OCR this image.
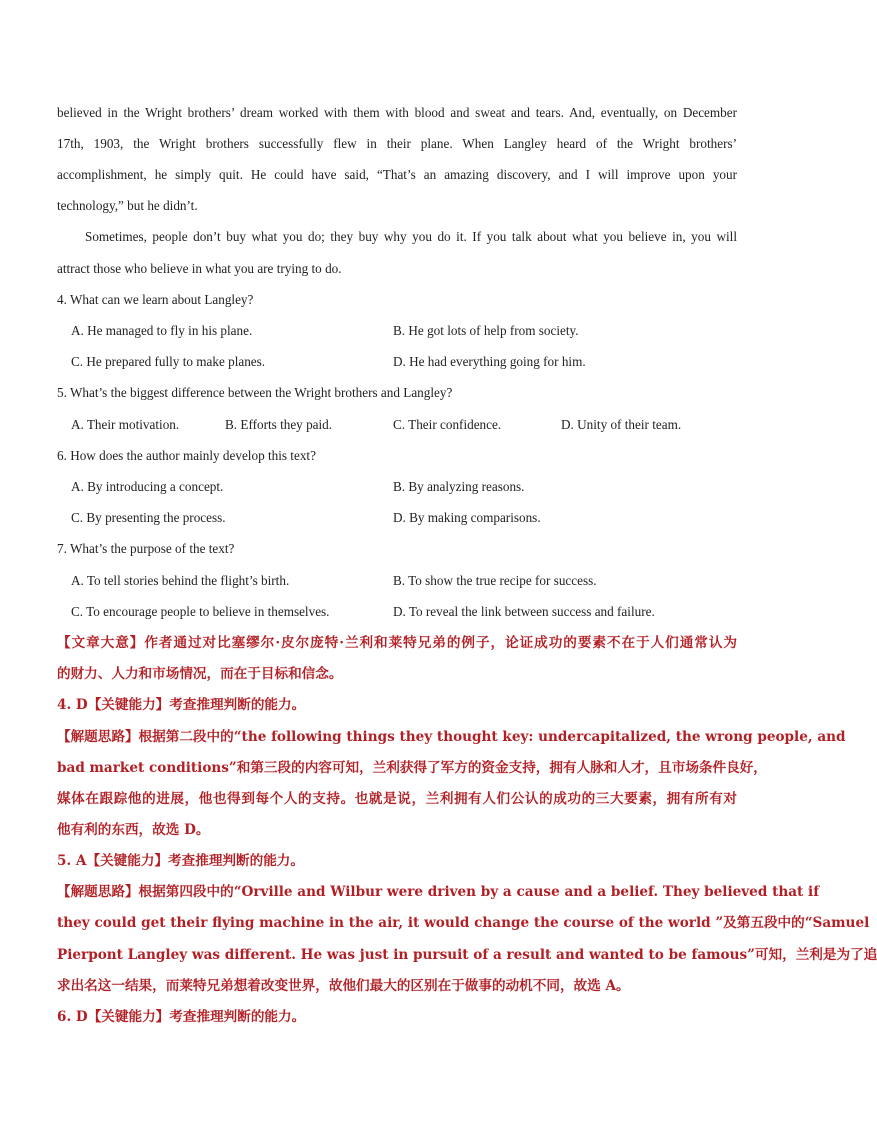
believed in the Wright brothers’ dream worked with them with blood and sweat and tears. And, eventually, on December
17th, 1903, the Wright brothers successfully flew in their plane. When Langley heard of the Wright brothers’
accomplishment, he simply quit. He could have said, “That’s an amazing discovery, and I will improve upon your
technology,” but he didn’t.
Sometimes, people don’t buy what you do; they buy why you do it. If you talk about what you believe in, you will
attract those who believe in what you are trying to do.
4. What can we learn about Langley?
A. He managed to fly in his plane.	B. He got lots of help from society.
C. He prepared fully to make planes.	D. He had everything going for him.
5. What’s the biggest difference between the Wright brothers and Langley?
A. Their motivation.	B. Efforts they paid.	C. Their confidence.	D. Unity of their team.
6. How does the author mainly develop this text?
A. By introducing a concept.	B. By analyzing reasons.
C. By presenting the process.	D. By making comparisons.
7. What’s the purpose of the text?
A. To tell stories behind the flight’s birth.	B. To show the true recipe for success.
C. To encourage people to believe in themselves.	D. To reveal the link between success and failure.
【文章大意】作者通过对比塞缪尔·皮尔庞特·兰利和莱特兄弟的例子，论证成功的要素不在于人们通常认为
的财力、人力和市场情况，而在于目标和信念。
4. D【关键能力】考查推理判断的能力。
【解题思路】根据第二段中的“the following things they thought key: undercapitalized, the wrong people, and
bad market conditions”和第三段的内容可知，兰利获得了军方的资金支持，拥有人脉和人才，且市场条件良好，
媒体在跟踪他的进展，他也得到每个人的支持。也就是说，兰利拥有人们公认的成功的三大要素，拥有所有对
他有利的东西，故选 D。
5. A【关键能力】考查推理判断的能力。
【解题思路】根据第四段中的“Orville and Wilbur were driven by a cause and a belief. They believed that if
they could get their flying machine in the air, it would change the course of the world ”及第五段中的“Samuel
Pierpont Langley was different. He was just in pursuit of a result and wanted to be famous”可知，兰利是为了追
求出名这一结果，而莱特兄弟想着改变世界，故他们最大的区别在于做事的动机不同，故选 A。
6. D【关键能力】考查推理判断的能力。
